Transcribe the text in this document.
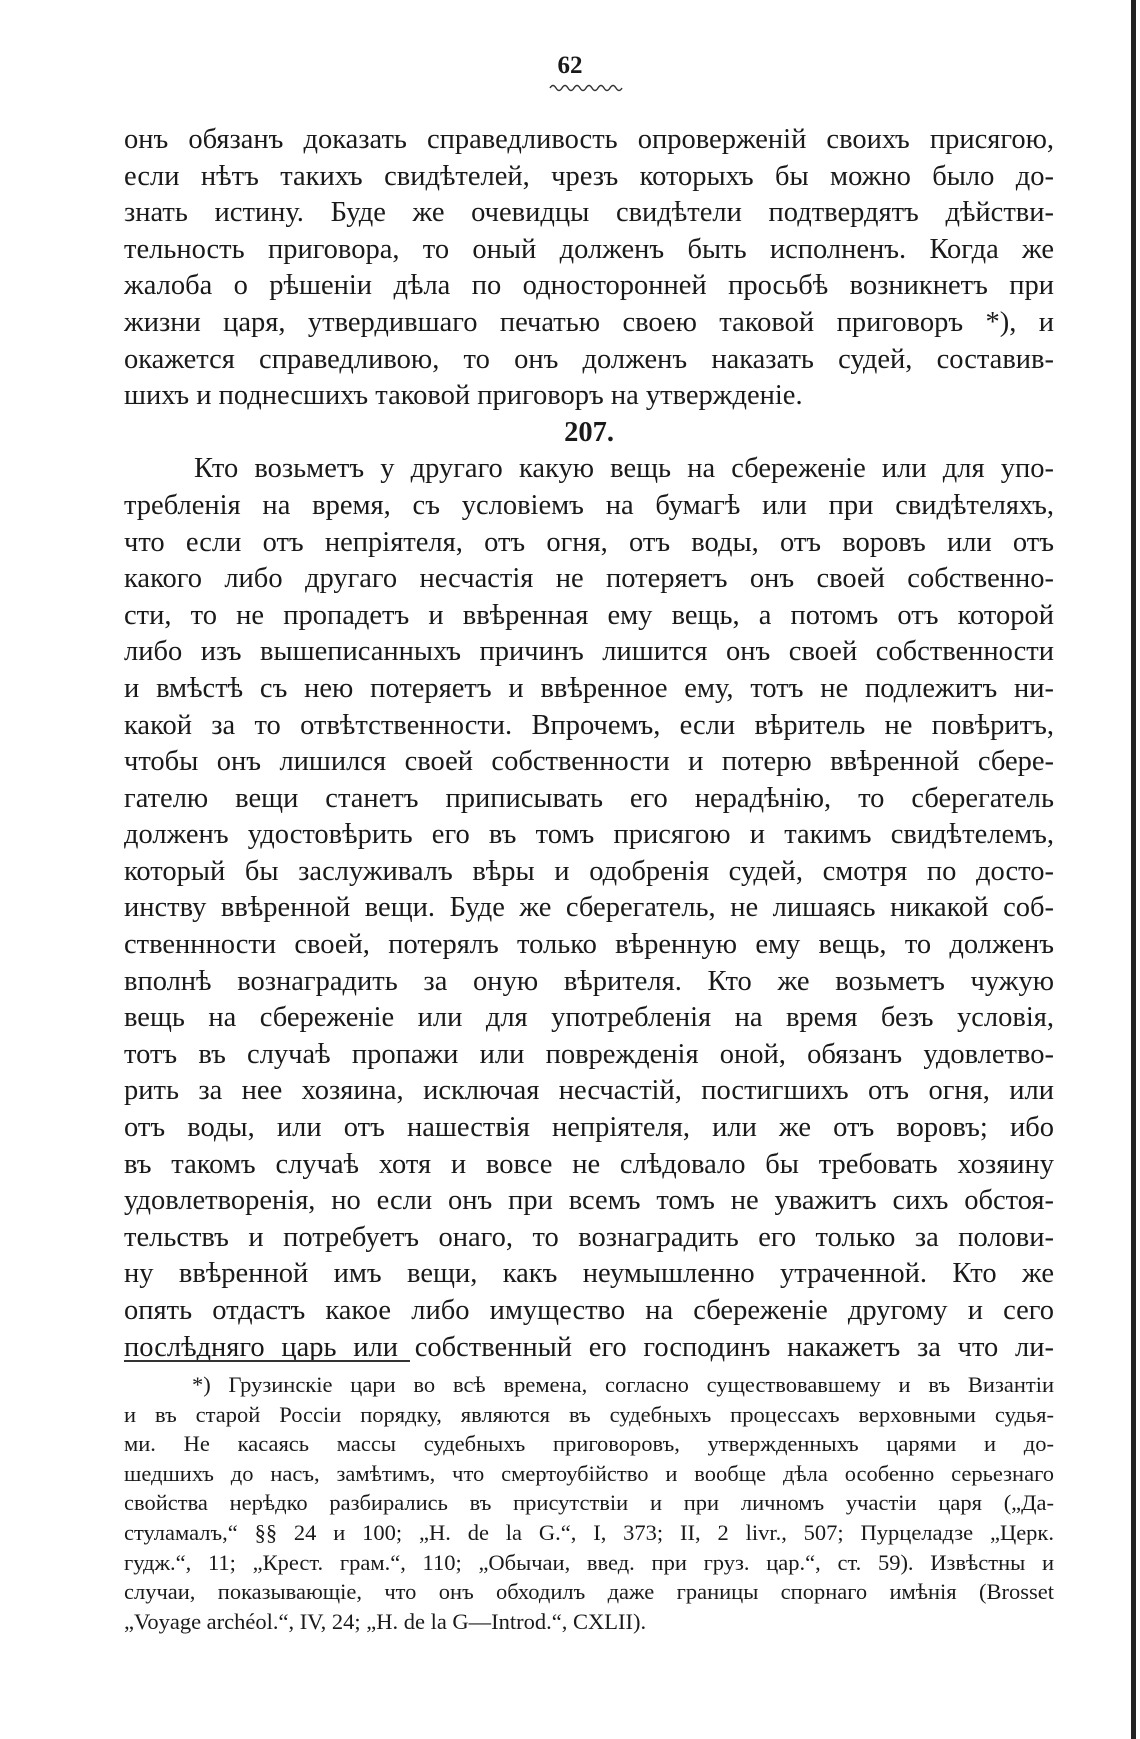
62
онъ обязанъ доказать справедливость опроверженій своихъ присягою,
если нѣтъ такихъ свидѣтелей, чрезъ которыхъ бы можно было до-
знать истину. Буде же очевидцы свидѣтели подтвердятъ дѣйстви-
тельность приговора, то оный долженъ быть исполненъ. Когда же
жалоба о рѣшеніи дѣла по односторонней просьбѣ возникнетъ при
жизни царя, утвердившаго печатью своею таковой приговоръ *), и
окажется справедливою, то онъ долженъ наказать судей, составив-
шихъ и поднесшихъ таковой приговоръ на утвержденіе.
207.
Кто возьметъ у другаго какую вещь на сбереженіе или для упо-
требленія на время, съ условіемъ на бумагѣ или при свидѣтеляхъ,
что если отъ непріятеля, отъ огня, отъ воды, отъ воровъ или отъ
какого либо другаго несчастія не потеряетъ онъ своей собственно-
сти, то не пропадетъ и ввѣренная ему вещь, а потомъ отъ которой
либо изъ вышеписанныхъ причинъ лишится онъ своей собственности
и вмѣстѣ съ нею потеряетъ и ввѣренное ему, тотъ не подлежитъ ни-
какой за то отвѣтственности. Впрочемъ, если вѣритель не повѣритъ,
чтобы онъ лишился своей собственности и потерю ввѣренной сбере-
гателю вещи станетъ приписывать его нерадѣнію, то сберегатель
долженъ удостовѣрить его въ томъ присягою и такимъ свидѣтелемъ,
который бы заслуживалъ вѣры и одобренія судей, смотря по досто-
инству ввѣренной вещи. Буде же сберегатель, не лишаясь никакой соб-
ственнности своей, потерялъ только вѣренную ему вещь, то долженъ
вполнѣ вознаградить за оную вѣрителя. Кто же возьметъ чужую
вещь на сбереженіе или для употребленія на время безъ условія,
тотъ въ случаѣ пропажи или поврежденія оной, обязанъ удовлетво-
рить за нее хозяина, исключая несчастій, постигшихъ отъ огня, или
отъ воды, или отъ нашествія непріятеля, или же отъ воровъ; ибо
въ такомъ случаѣ хотя и вовсе не слѣдовало бы требовать хозяину
удовлетворенія, но если онъ при всемъ томъ не уважитъ сихъ обстоя-
тельствъ и потребуетъ онаго, то вознаградить его только за полови-
ну ввѣренной имъ вещи, какъ неумышленно утраченной. Кто же
опять отдастъ какое либо имущество на сбереженіе другому и сего
послѣдняго царь или собственный его господинъ накажетъ за что ли-
*) Грузинскіе цари во всѣ времена, согласно существовавшему и въ Византіи
и въ старой Россіи порядку, являются въ судебныхъ процессахъ верховными судья-
ми. Не касаясь массы судебныхъ приговоровъ, утвержденныхъ царями и до-
шедшихъ до насъ, замѣтимъ, что смертоубійство и вообще дѣла особенно серьезнаго
свойства нерѣдко разбирались въ присутствіи и при личномъ участіи царя („Да-
стуламалъ,“ §§ 24 и 100; „H. de la G.“, I, 373; II, 2 livr., 507; Пурцеладзе „Церк.
гудж.“, 11; „Крест. грам.“, 110; „Обычаи, введ. при груз. цар.“, ст. 59). Извѣстны и
случаи, показывающіе, что онъ обходилъ даже границы спорнаго имѣнія (Brosset
„Voyage archéol.“, IV, 24; „H. de la G—Introd.“, CXLII).
